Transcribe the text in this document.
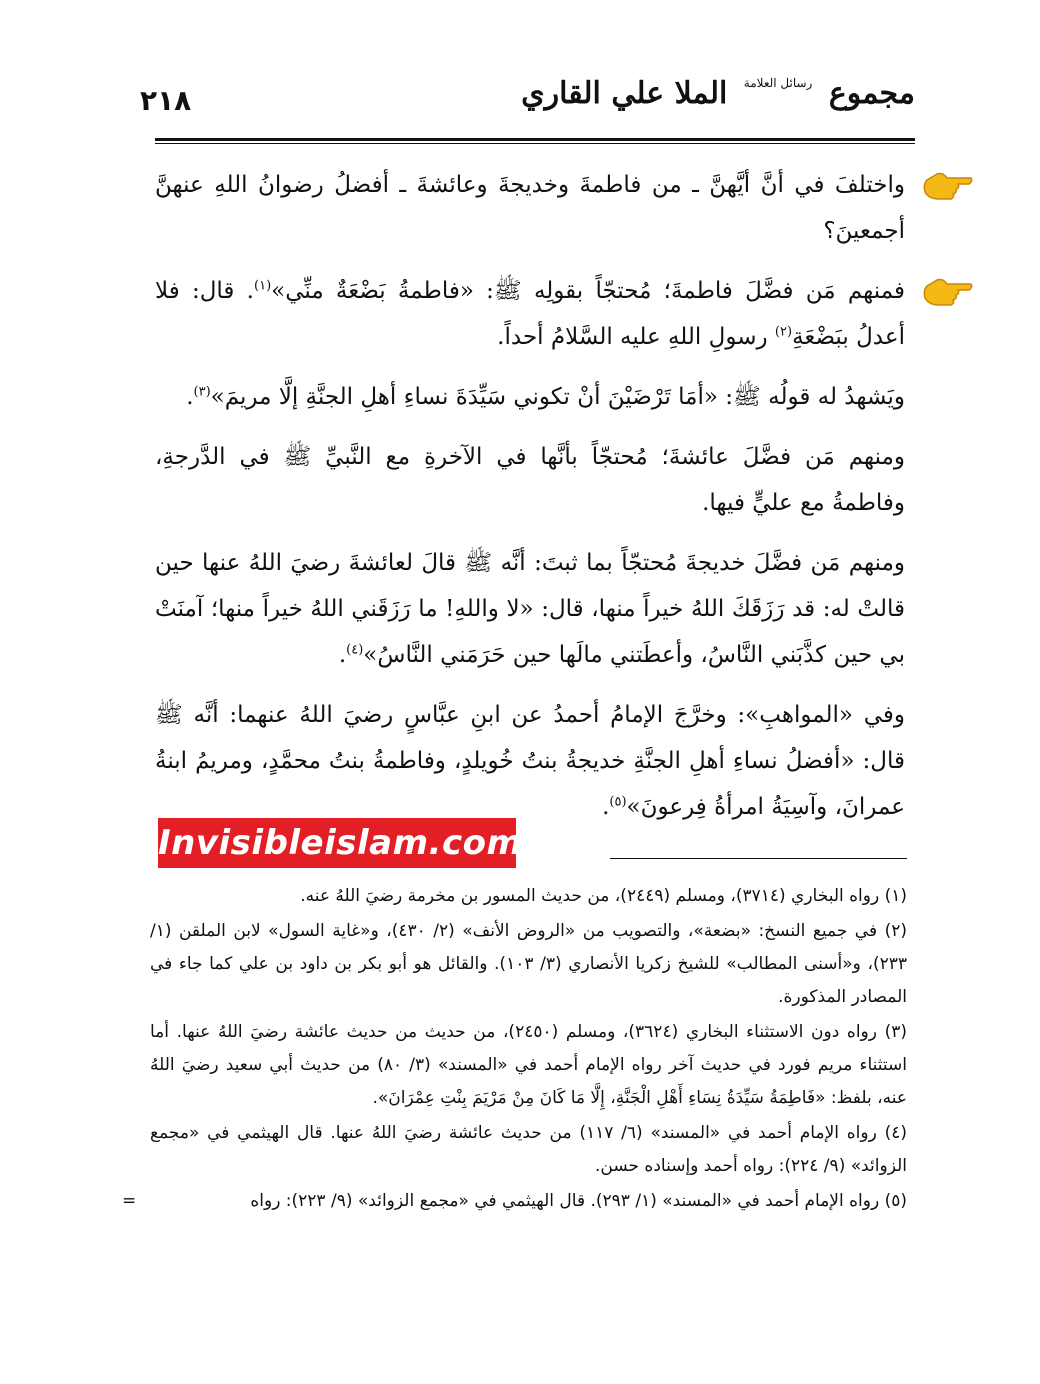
٢١٨	مجموع $^{رسائل العلامة}$ الملا علي القاري

واختلفَ في أنَّ أيَّهنَّ ـ من فاطمةَ وخديجةَ وعائشةَ ـ أفضلُ رضوانُ اللهِ عنهنَّ أجمعينَ؟

فمنهم مَن فضَّلَ فاطمةَ؛ مُحتجّاً بقولِه ﷺ: «فاطمةُ بَضْعَةٌ منِّي»$^{(١)}$. قال: فلا أعدلُ ببَضْعَةِ$^{(٢)}$ رسولِ اللهِ عليه السَّلامُ أحداً.

ويَشهدُ له قولُه ﷺ: «أمَا تَرْضَيْنَ أنْ تكوني سَيِّدَةَ نساءِ أهلِ الجنَّةِ إلَّا مريمَ»$^{(٣)}$.

ومنهم مَن فضَّلَ عائشةَ؛ مُحتجّاً بأنَّها في الآخرةِ مع النَّبيِّ ﷺ في الدَّرجةِ، وفاطمةُ مع عليٍّ فيها.

ومنهم مَن فضَّلَ خديجةَ مُحتجّاً بما ثبتَ: أنَّه ﷺ قالَ لعائشةَ رضيَ اللهُ عنها حين قالتْ له: قد رَزَقَكَ اللهُ خيراً منها، قال: «لا واللهِ! ما رَزَقَني اللهُ خيراً منها؛ آمنَتْ بي حين كذَّبَني النَّاسُ، وأعطَتني مالَها حين حَرَمَني النَّاسُ»$^{(٤)}$.

وفي «المواهبِ»: وخرَّجَ الإمامُ أحمدُ عن ابنِ عبَّاسٍ رضيَ اللهُ عنهما: أنَّه ﷺ قال: «أفضلُ نساءِ أهلِ الجنَّةِ خديجةُ بنتُ خُويلدٍ، وفاطمةُ بنتُ محمَّدٍ، ومريمُ ابنةُ عمرانَ، وآسِيَةُ امرأةُ فِرعونَ»$^{(٥)}$.

Invisibleislam.com

(١) رواه البخاري (٣٧١٤)، ومسلم (٢٤٤٩)، من حديث المسور بن مخرمة رضيَ اللهُ عنه.

(٢) في جميع النسخ: «بضعة»، والتصويب من «الروض الأنف» (٢/ ٤٣٠)، و«غاية السول» لابن الملقن (١/ ٢٣٣)، و«أسنى المطالب» للشيخ زكريا الأنصاري (٣/ ١٠٣). والقائل هو أبو بكر بن داود بن علي كما جاء في المصادر المذكورة.

(٣) رواه دون الاستثناء البخاري (٣٦٢٤)، ومسلم (٢٤٥٠)، من حديث من حديث عائشة رضيَ اللهُ عنها. أما استثناء مريم فورد في حديث آخر رواه الإمام أحمد في «المسند» (٣/ ٨٠) من حديث أبي سعيد رضيَ اللهُ عنه، بلفظ: «فَاطِمَةُ سَيِّدَةُ نِسَاءِ أَهْلِ الْجَنَّةِ، إِلَّا مَا كَانَ مِنْ مَرْيَمَ بِنْتِ عِمْرَانَ».

(٤) رواه الإمام أحمد في «المسند» (٦/ ١١٧) من حديث عائشة رضيَ اللهُ عنها. قال الهيثمي في «مجمع الزوائد» (٩/ ٢٢٤): رواه أحمد وإسناده حسن.

(٥) رواه الإمام أحمد في «المسند» (١/ ٢٩٣). قال الهيثمي في «مجمع الزوائد» (٩/ ٢٢٣): رواه
=
